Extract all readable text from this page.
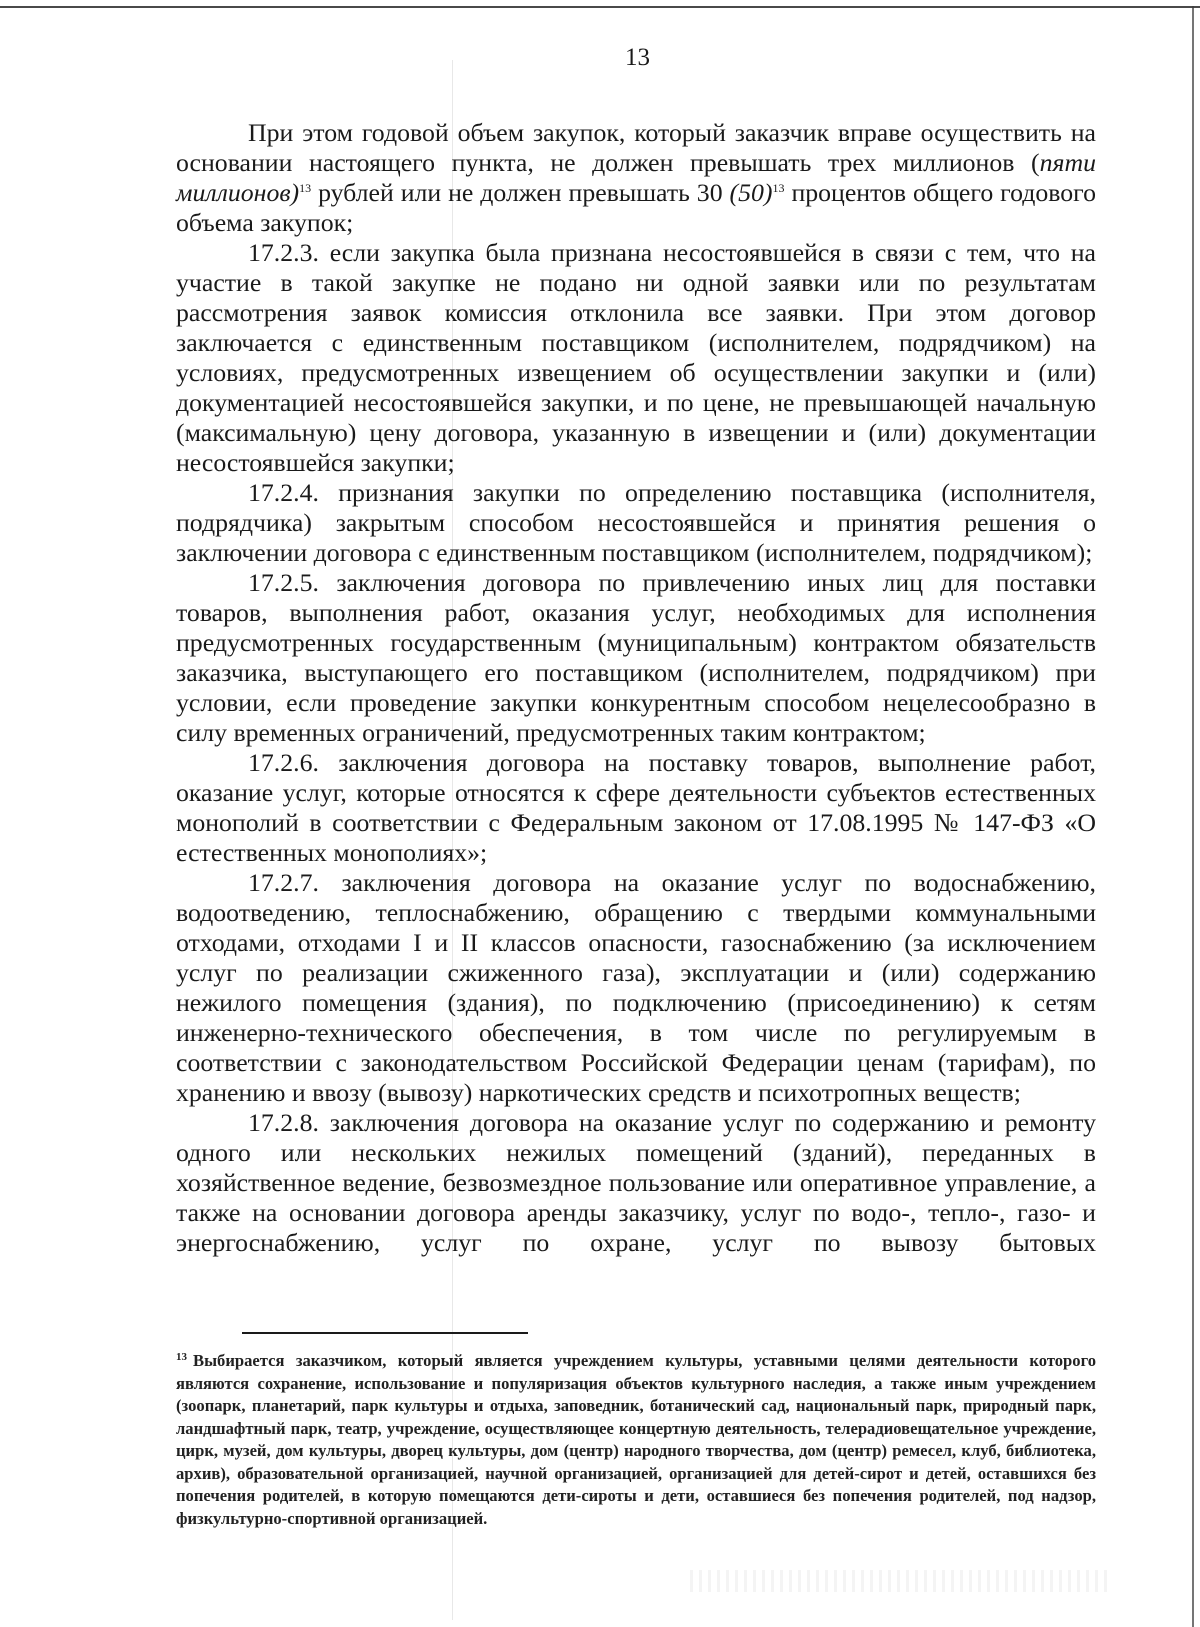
13

При этом годовой объем закупок, который заказчик вправе осуществить на основании настоящего пункта, не должен превышать трех миллионов (пяти миллионов)$^{13}$ рублей или не должен превышать 30 $(50)^{13}$ процентов общего годового объема закупок;

17.2.3. если закупка была признана несостоявшейся в связи с тем, что на участие в такой закупке не подано ни одной заявки или по результатам рассмотрения заявок комиссия отклонила все заявки. При этом договор заключается с единственным поставщиком (исполнителем, подрядчиком) на условиях, предусмотренных извещением об осуществлении закупки и (или) документацией несостоявшейся закупки, и по цене, не превышающей начальную (максимальную) цену договора, указанную в извещении и (или) документации несостоявшейся закупки;

17.2.4. признания закупки по определению поставщика (исполнителя, подрядчика) закрытым способом несостоявшейся и принятия решения о заключении договора с единственным поставщиком (исполнителем, подрядчиком);

17.2.5. заключения договора по привлечению иных лиц для поставки товаров, выполнения работ, оказания услуг, необходимых для исполнения предусмотренных государственным (муниципальным) контрактом обязательств заказчика, выступающего его поставщиком (исполнителем, подрядчиком) при условии, если проведение закупки конкурентным способом нецелесообразно в силу временных ограничений, предусмотренных таким контрактом;

17.2.6. заключения договора на поставку товаров, выполнение работ, оказание услуг, которые относятся к сфере деятельности субъектов естественных монополий в соответствии с Федеральным законом от 17.08.1995 № 147-ФЗ «О естественных монополиях»;

17.2.7. заключения договора на оказание услуг по водоснабжению, водоотведению, теплоснабжению, обращению с твердыми коммунальными отходами, отходами I и II классов опасности, газоснабжению (за исключением услуг по реализации сжиженного газа), эксплуатации и (или) содержанию нежилого помещения (здания), по подключению (присоединению) к сетям инженерно-технического обеспечения, в том числе по регулируемым в соответствии с законодательством Российской Федерации ценам (тарифам), по хранению и ввозу (вывозу) наркотических средств и психотропных веществ;

17.2.8. заключения договора на оказание услуг по содержанию и ремонту одного или нескольких нежилых помещений (зданий), переданных в хозяйственное ведение, безвозмездное пользование или оперативное управление, а также на основании договора аренды заказчику, услуг по водо-, тепло-, газо- и энергоснабжению, услуг по охране, услуг по вывозу бытовых

$^{13}$ Выбирается заказчиком, который является учреждением культуры, уставными целями деятельности которого являются сохранение, использование и популяризация объектов культурного наследия, а также иным учреждением (зоопарк, планетарий, парк культуры и отдыха, заповедник, ботанический сад, национальный парк, природный парк, ландшафтный парк, театр, учреждение, осуществляющее концертную деятельность, телерадиовещательное учреждение, цирк, музей, дом культуры, дворец культуры, дом (центр) народного творчества, дом (центр) ремесел, клуб, библиотека, архив), образовательной организацией, научной организацией, организацией для детей-сирот и детей, оставшихся без попечения родителей, в которую помещаются дети-сироты и дети, оставшиеся без попечения родителей, под надзор, физкультурно-спортивной организацией.
